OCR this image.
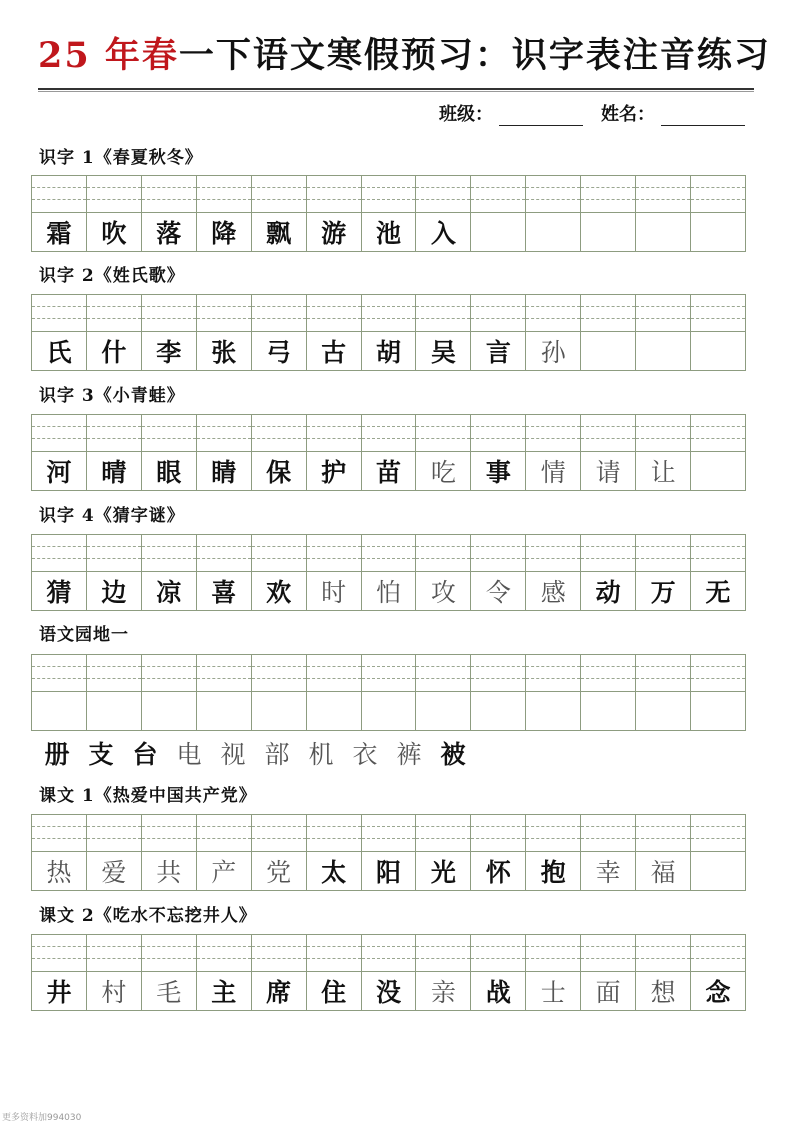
25 年春一下语文寒假预习：识字表注音练习
班级：	姓名：
识字 1《春夏秋冬》
霜	吹	落	降	飘	游	池	入
识字 2《姓氏歌》
氏	什	李	张	弓	古	胡	吴	言	孙
识字 3《小青蛙》
河	晴	眼	睛	保	护	苗	吃	事	情	请	让
识字 4《猜字谜》
猜	边	凉	喜	欢	时	怕	攻	令	感	动	万	无
语文园地一
课文 1《热爱中国共产党》
热	爱	共	产	党	太	阳	光	怀	抱	幸	福
课文 2《吃水不忘挖井人》
井	村	毛	主	席	住	没	亲	战	士	面	想	念
册 支 台 电 视 部 机 衣 裤 被
更多资料加994030
